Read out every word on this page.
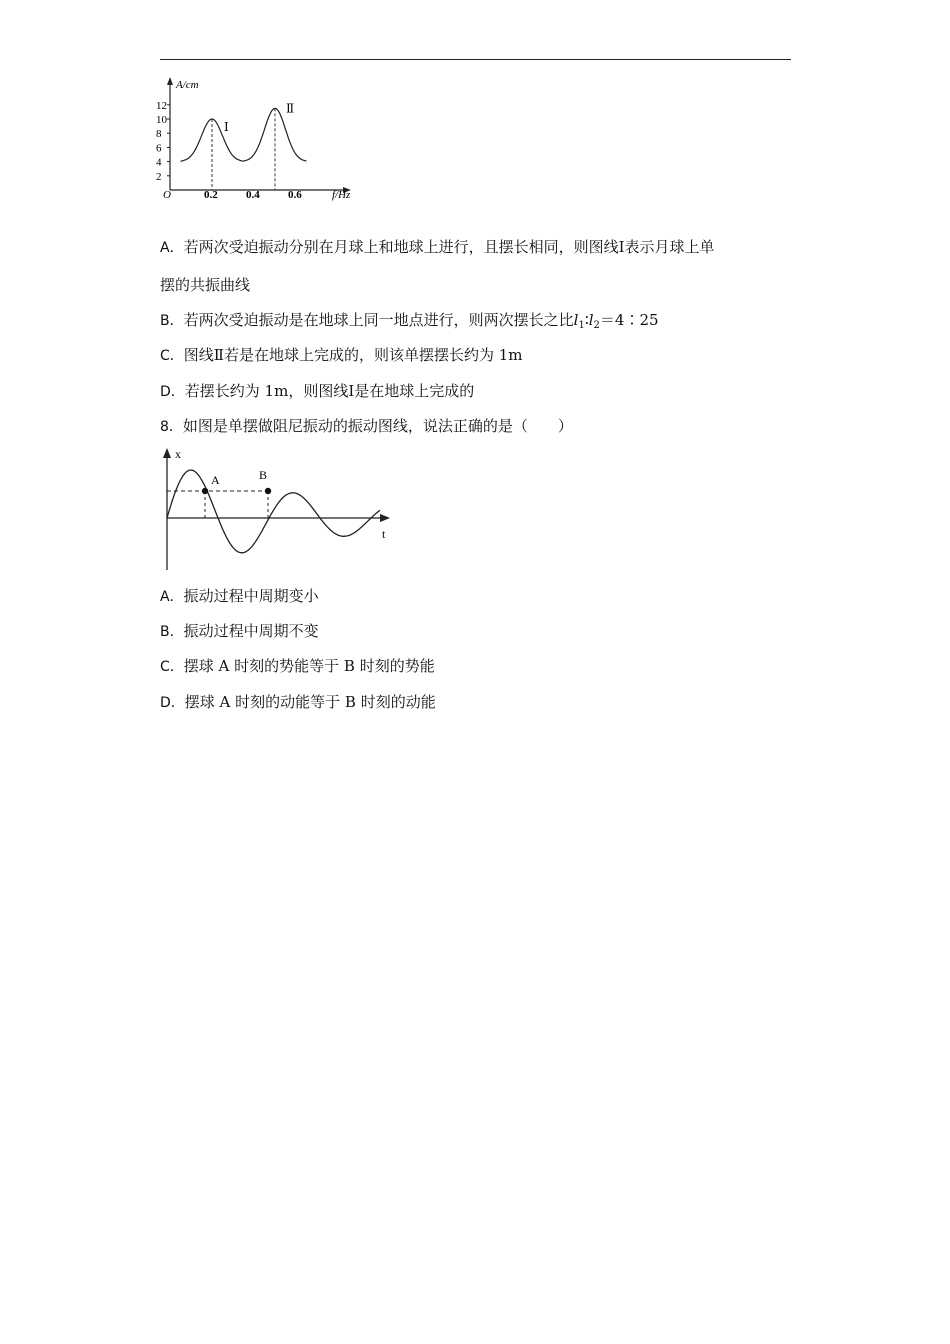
A/cm
12
10
8
6
4
2
O	0.2	0.4	0.6	f/Hz
Ⅰ
Ⅱ
A．若两次受迫振动分别在月球上和地球上进行，且摆长相同，则图线Ⅰ表示月球上单
摆的共振曲线
B．若两次受迫振动是在地球上同一地点进行，则两次摆长之比$l_1∶l_2=4∶25$
C．图线Ⅱ若是在地球上完成的，则该单摆摆长约为 1m
D．若摆长约为 1m，则图线Ⅰ是在地球上完成的
8．如图是单摆做阻尼振动的振动图线，说法正确的是（　　）
x
t
A	B
A．振动过程中周期变小
B．振动过程中周期不变
C．摆球 A 时刻的势能等于 B 时刻的势能
D．摆球 A 时刻的动能等于 B 时刻的动能
